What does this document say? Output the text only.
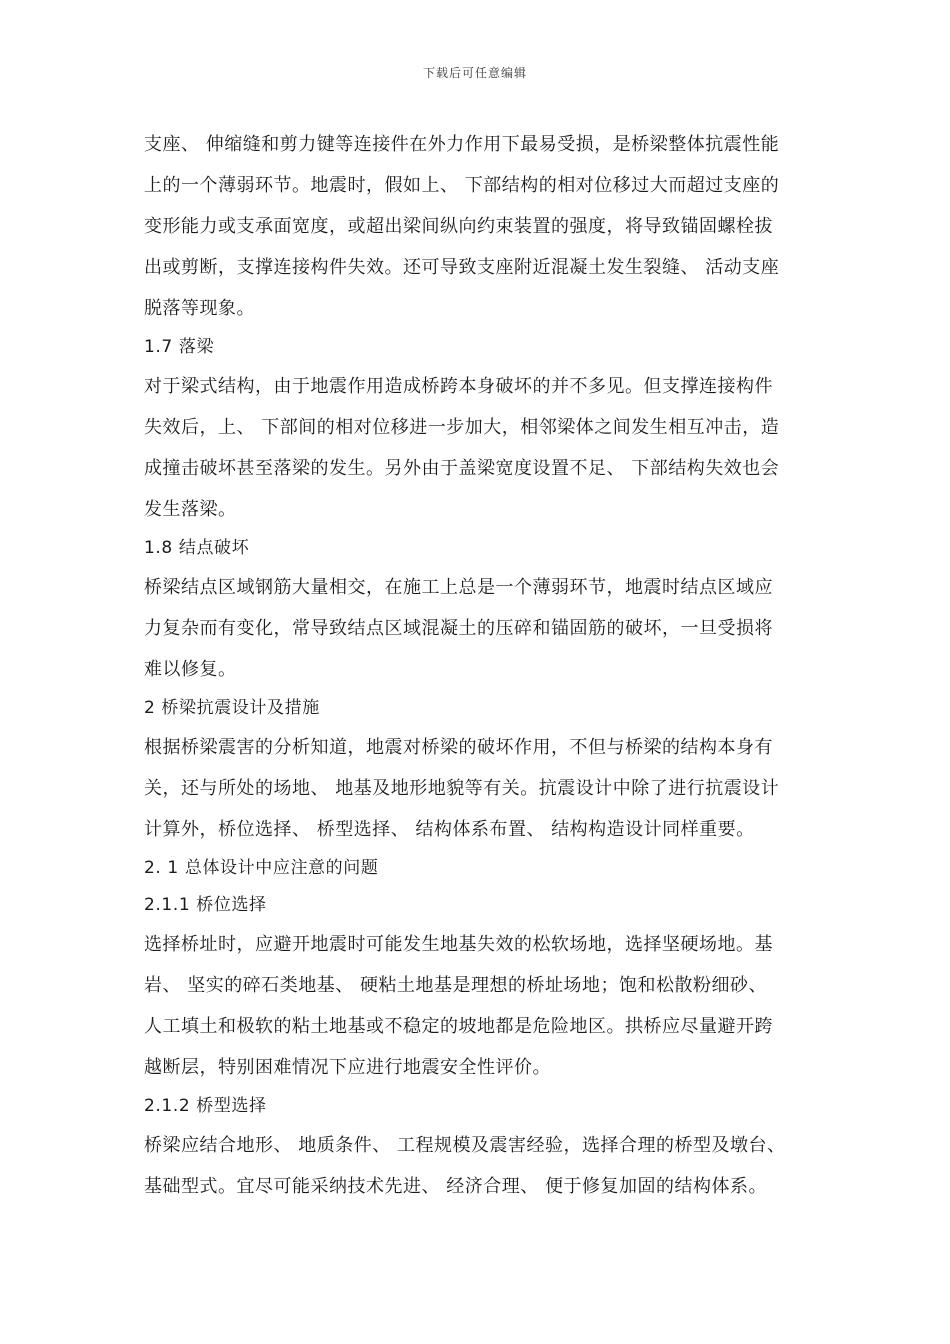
下载后可任意编辑
支座、 伸缩缝和剪力键等连接件在外力作用下最易受损，是桥梁整体抗震性能
上的一个薄弱环节。地震时，假如上、 下部结构的相对位移过大而超过支座的
变形能力或支承面宽度，或超出梁间纵向约束装置的强度，将导致锚固螺栓拔
出或剪断，支撑连接构件失效。还可导致支座附近混凝土发生裂缝、 活动支座
脱落等现象。
1.7 落梁
对于梁式结构，由于地震作用造成桥跨本身破坏的并不多见。但支撑连接构件
失效后，上、 下部间的相对位移进一步加大，相邻梁体之间发生相互冲击，造
成撞击破坏甚至落梁的发生。另外由于盖梁宽度设置不足、 下部结构失效也会
发生落梁。
1.8 结点破坏
桥梁结点区域钢筋大量相交，在施工上总是一个薄弱环节，地震时结点区域应
力复杂而有变化，常导致结点区域混凝土的压碎和锚固筋的破坏，一旦受损将
难以修复。
2 桥梁抗震设计及措施
根据桥梁震害的分析知道，地震对桥梁的破坏作用，不但与桥梁的结构本身有
关，还与所处的场地、 地基及地形地貌等有关。抗震设计中除了进行抗震设计
计算外，桥位选择、 桥型选择、 结构体系布置、 结构构造设计同样重要。
2. 1 总体设计中应注意的问题
2.1.1 桥位选择
选择桥址时，应避开地震时可能发生地基失效的松软场地，选择坚硬场地。基
岩、 坚实的碎石类地基、 硬粘土地基是理想的桥址场地；饱和松散粉细砂、
人工填土和极软的粘土地基或不稳定的坡地都是危险地区。拱桥应尽量避开跨
越断层，特别困难情况下应进行地震安全性评价。
2.1.2 桥型选择
桥梁应结合地形、 地质条件、 工程规模及震害经验，选择合理的桥型及墩台、
基础型式。宜尽可能采纳技术先进、 经济合理、 便于修复加固的结构体系。
